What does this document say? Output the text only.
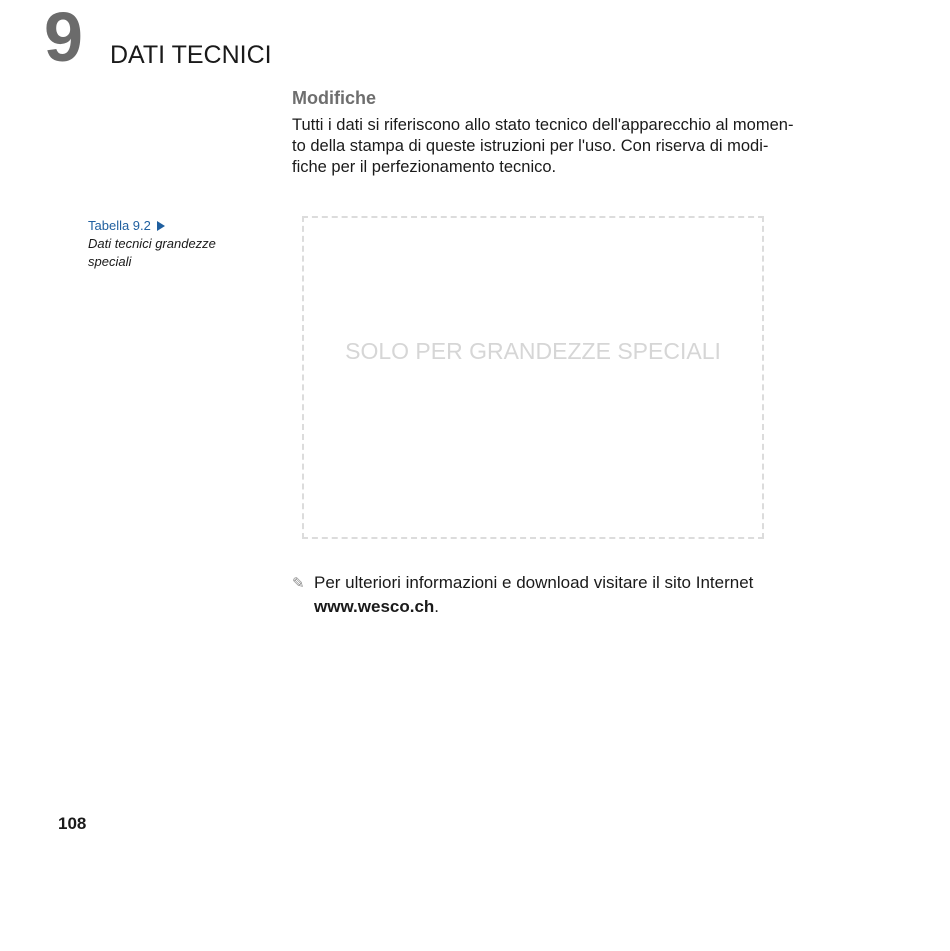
9 DATI TECNICI
Modifiche
Tutti i dati si riferiscono allo stato tecnico dell'apparecchio al momen-
to della stampa di queste istruzioni per l'uso. Con riserva di modi-
fiche per il perfezionamento tecnico.
Tabella 9.2
Dati tecnici grandezze
speciali
SOLO PER GRANDEZZE SPECIALI
✎ Per ulteriori informazioni e download visitare il sito Internet
www.wesco.ch.
108
